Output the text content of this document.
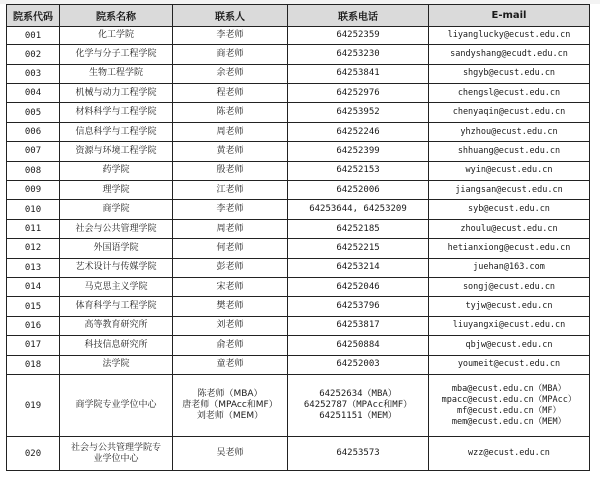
院系代码	院系名称	联系人	联系电话	E-mail
001	化工学院	李老师	64252359	liyanglucky@ecust.edu.cn

002	化学与分子工程学院	商老师	64253230	sandyshang@ecudt.edu.cn

003	生物工程学院	余老师	64253841	shgyb@ecust.edu.cn

004	机械与动力工程学院	程老师	64252976	chengsl@ecust.edu.cn

005	材料科学与工程学院	陈老师	64253952	chenyaqin@ecust.edu.cn

006	信息科学与工程学院	周老师	64252246	yhzhou@ecust.edu.cn

007	资源与环境工程学院	黄老师	64252399	shhuang@ecust.edu.cn

008	药学院	殷老师	64252153	wyin@ecust.edu.cn

009	理学院	江老师	64252006	jiangsan@ecust.edu.cn

010	商学院	李老师	64253644, 64253209	syb@ecust.edu.cn

011	社会与公共管理学院	周老师	64252185	zhoulu@ecust.edu.cn

012	外国语学院	何老师	64252215	hetianxiong@ecust.edu.cn

013	艺术设计与传媒学院	彭老师	64253214	juehan@163.com

014	马克思主义学院	宋老师	64252046	songj@ecust.edu.cn

015	体育科学与工程学院	樊老师	64253796	tyjw@ecust.edu.cn

016	高等教育研究所	刘老师	64253817	liuyangxi@ecust.edu.cn

017	科技信息研究所	俞老师	64250884	qbjw@ecust.edu.cn

018	法学院	童老师	64252003	youmeit@ecust.edu.cn

019	商学院专业学位中心	陈老师（MBA）
唐老师（MPAcc和MF）
刘老师（MEM）	64252634（MBA）
64252787（MPAcc和MF）
64251151（MEM）	mba@ecust.edu.cn（MBA）
mpacc@ecust.edu.cn（MPAcc）
mf@ecust.edu.cn（MF）
mem@ecust.edu.cn（MEM）

020	社会与公共管理学院专
业学位中心	吴老师	64253573	wzz@ecust.edu.cn
